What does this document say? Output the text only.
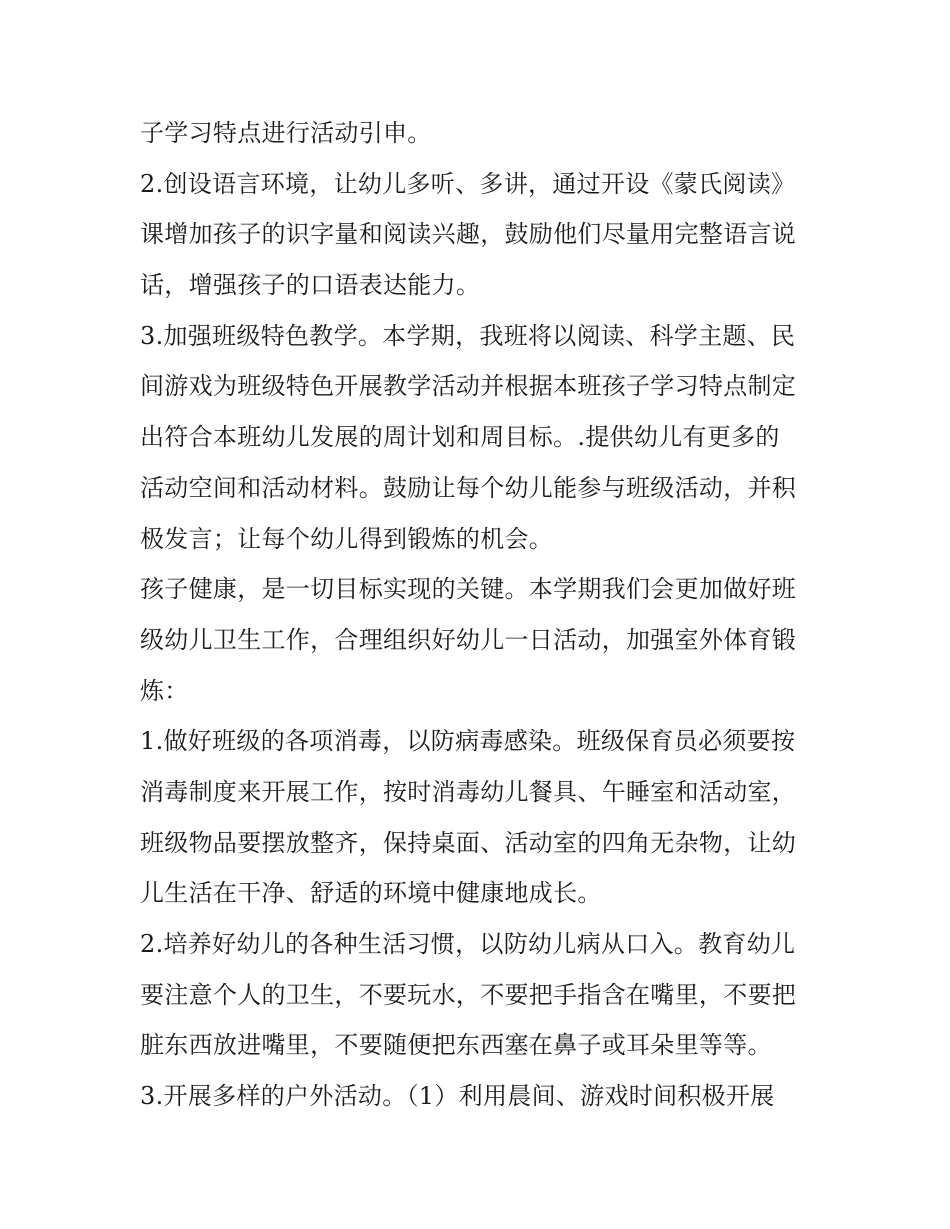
子学习特点进行活动引申。
2.创设语言环境，让幼儿多听、多讲，通过开设《蒙氏阅读》
课增加孩子的识字量和阅读兴趣，鼓励他们尽量用完整语言说
话，增强孩子的口语表达能力。
3.加强班级特色教学。本学期，我班将以阅读、科学主题、民
间游戏为班级特色开展教学活动并根据本班孩子学习特点制定
出符合本班幼儿发展的周计划和周目标。.提供幼儿有更多的
活动空间和活动材料。鼓励让每个幼儿能参与班级活动，并积
极发言；让每个幼儿得到锻炼的机会。
孩子健康，是一切目标实现的关键。本学期我们会更加做好班
级幼儿卫生工作，合理组织好幼儿一日活动，加强室外体育锻
炼：
1.做好班级的各项消毒，以防病毒感染。班级保育员必须要按
消毒制度来开展工作，按时消毒幼儿餐具、午睡室和活动室，
班级物品要摆放整齐，保持桌面、活动室的四角无杂物，让幼
儿生活在干净、舒适的环境中健康地成长。
2.培养好幼儿的各种生活习惯，以防幼儿病从口入。教育幼儿
要注意个人的卫生，不要玩水，不要把手指含在嘴里，不要把
脏东西放进嘴里，不要随便把东西塞在鼻子或耳朵里等等。
3.开展多样的户外活动。（1）利用晨间、游戏时间积极开展
